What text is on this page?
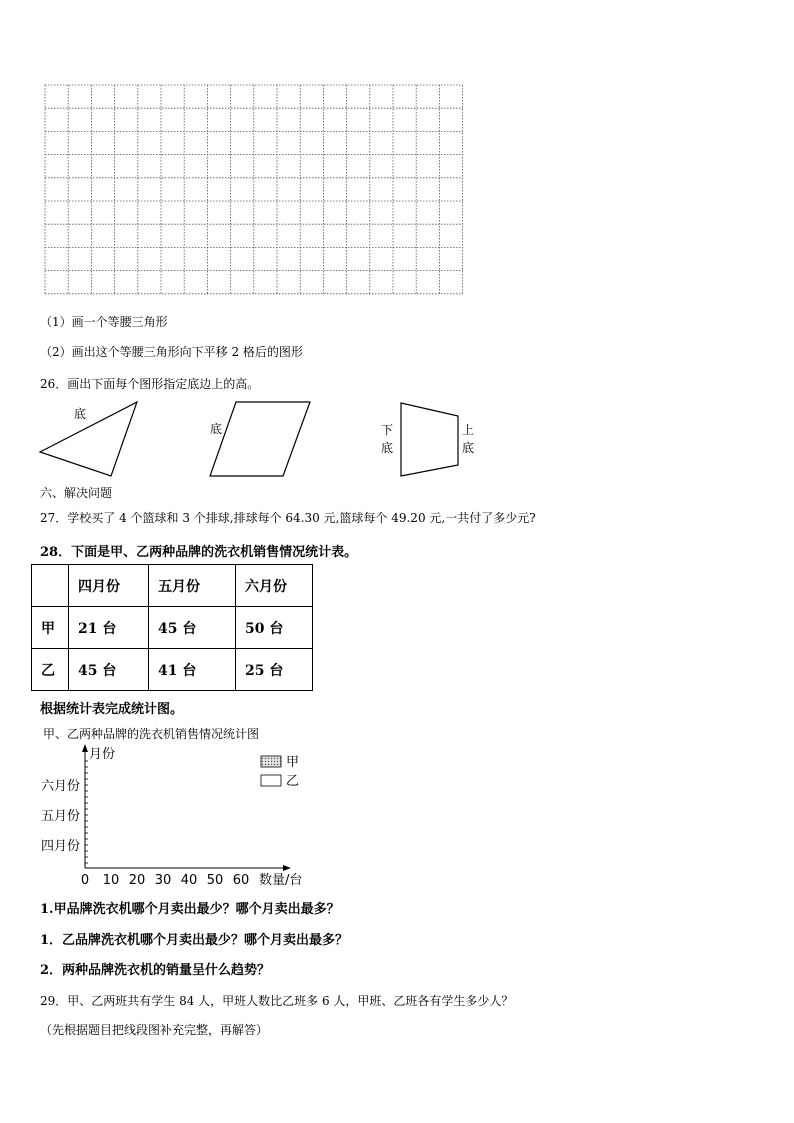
（1）画一个等腰三角形
（2）画出这个等腰三角形向下平移 2 格后的图形
26．画出下面每个图形指定底边上的高。
底
底	下
底
上
底
六、解决问题
27．学校买了 4 个篮球和 3 个排球,排球每个 64.30 元,篮球每个 49.20 元,一共付了多少元?
28．下面是甲、乙两种品牌的洗衣机销售情况统计表。
	四月份	五月份	六月份
甲	21 台	45 台	50 台
乙	45 台	41 台	25 台
根据统计表完成统计图。
甲、乙两种品牌的洗衣机销售情况统计图
月份
数量/台
0 10 20 30 40 50 60
四月份
五月份
六月份
甲
乙
1.甲品牌洗衣机哪个月卖出最少？哪个月卖出最多？
1．乙品牌洗衣机哪个月卖出最少？哪个月卖出最多？
2．两种品牌洗衣机的销量呈什么趋势？
29．甲、乙两班共有学生 84 人，甲班人数比乙班多 6 人，甲班、乙班各有学生多少人？
（先根据题目把线段图补充完整，再解答）
